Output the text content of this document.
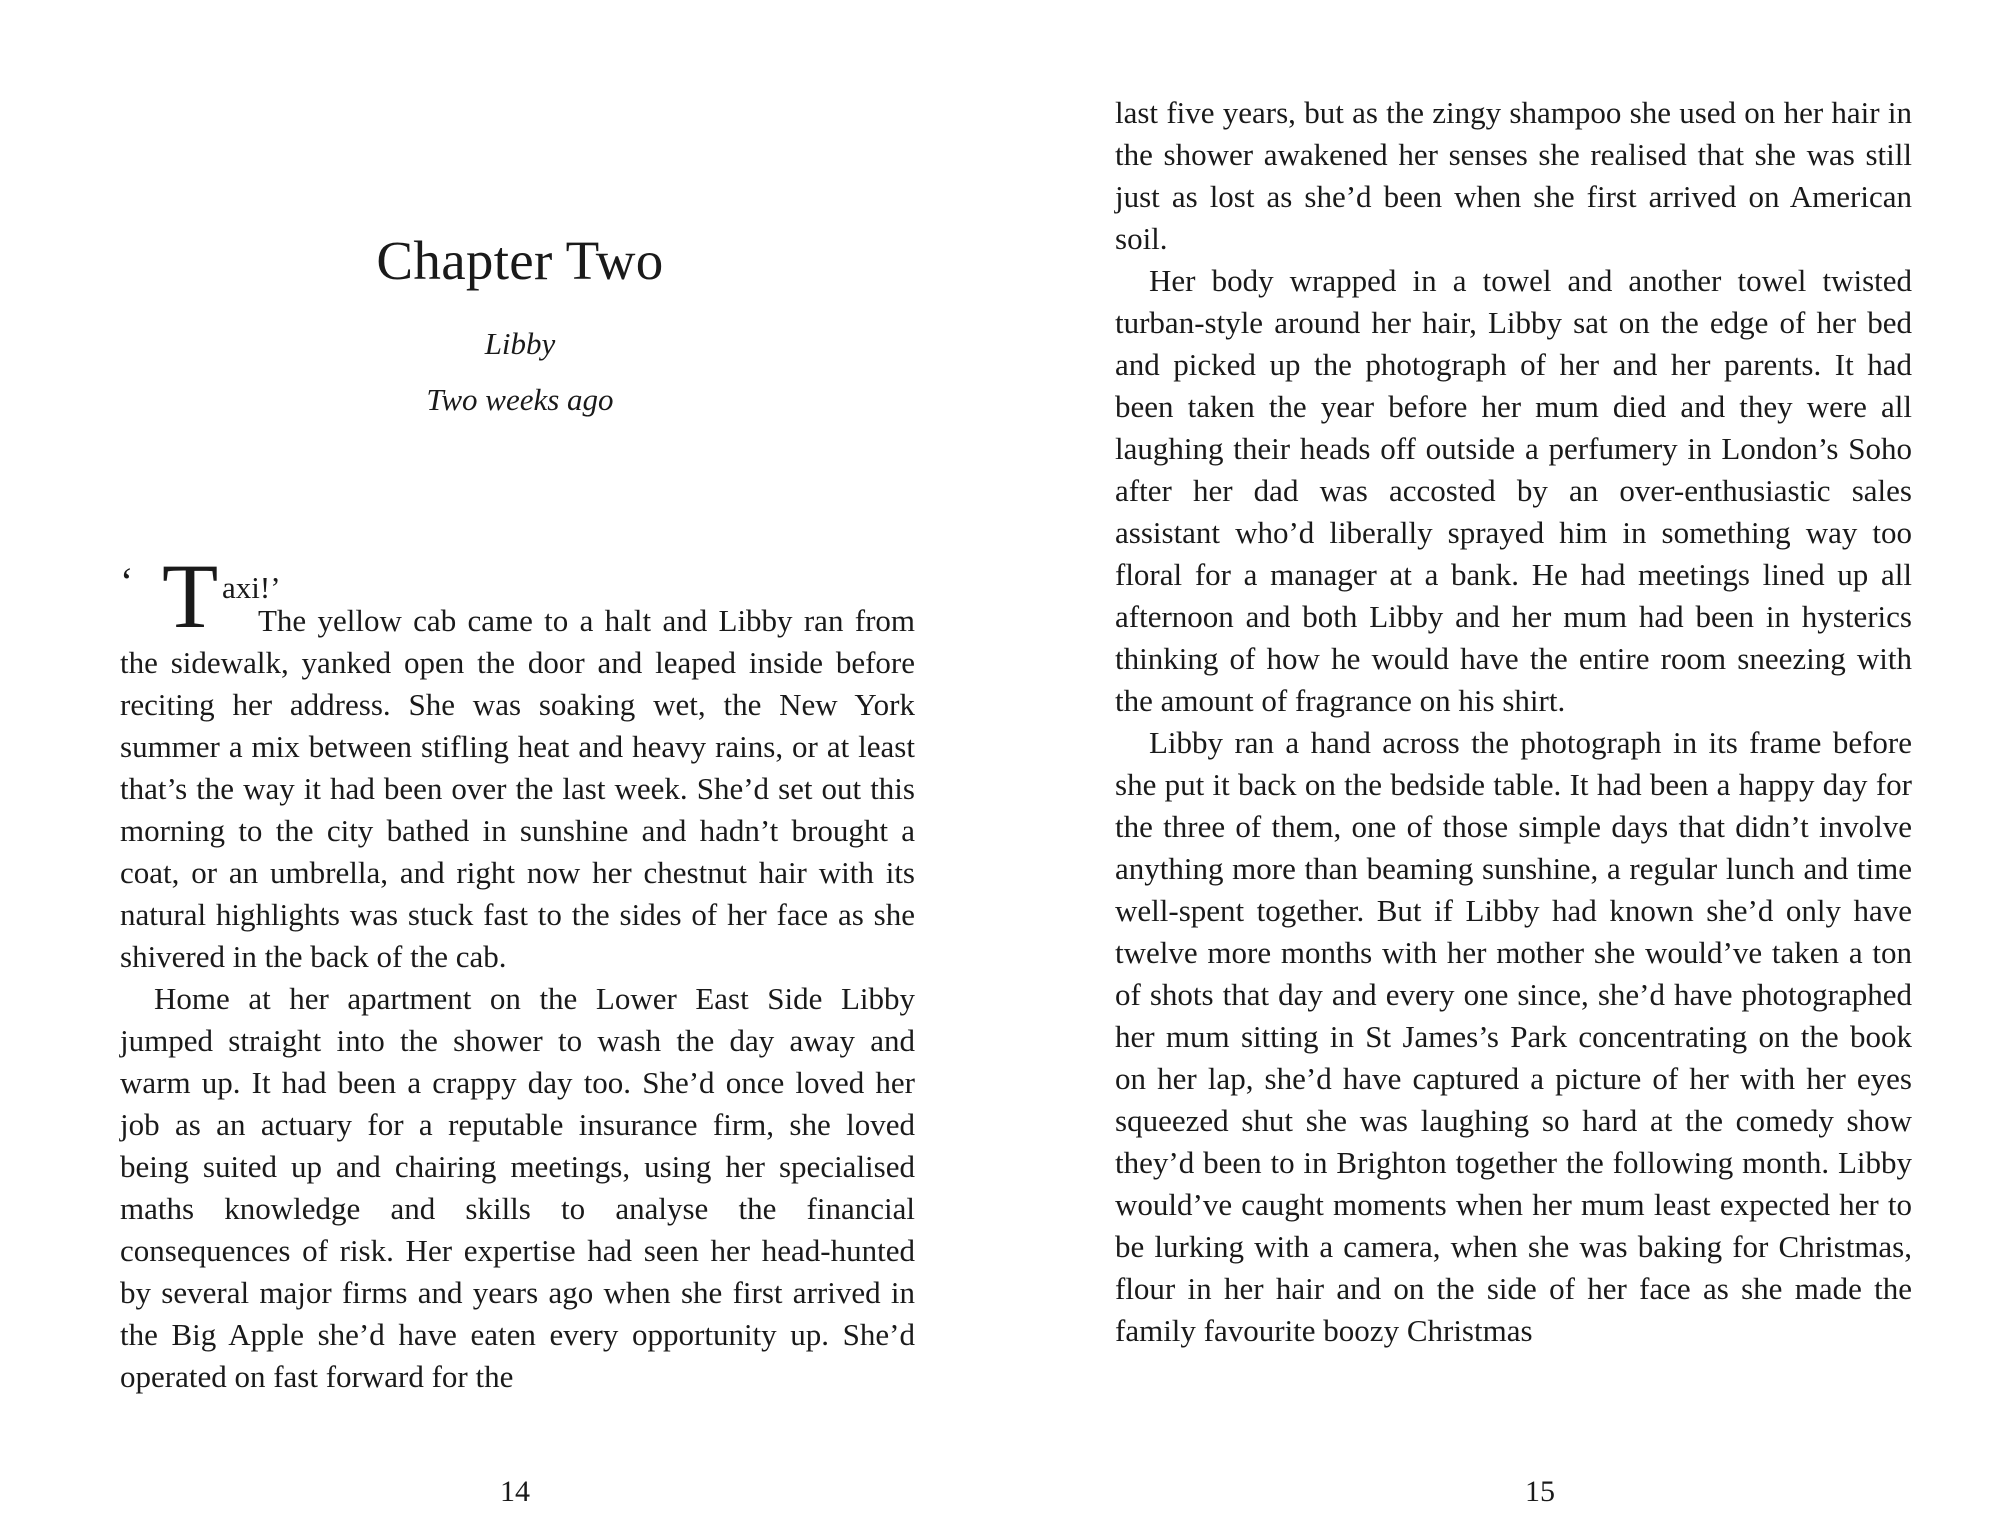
Chapter Two
Libby
Two weeks ago
‘ T axi!’

The yellow cab came to a halt and Libby ran from the sidewalk, yanked open the door and leaped inside before reciting her address. She was soaking wet, the New York summer a mix between stifling heat and heavy rains, or at least that’s the way it had been over the last week. She’d set out this morning to the city bathed in sunshine and hadn’t brought a coat, or an umbrella, and right now her chestnut hair with its natural highlights was stuck fast to the sides of her face as she shivered in the back of the cab.

Home at her apartment on the Lower East Side Libby jumped straight into the shower to wash the day away and warm up. It had been a crappy day too. She’d once loved her job as an actuary for a reputable insurance firm, she loved being suited up and chairing meetings, using her specialised maths knowledge and skills to analyse the financial consequences of risk. Her expertise had seen her head-hunted by several major firms and years ago when she first arrived in the Big Apple she’d have eaten every opportunity up. She’d operated on fast forward for the

14

last five years, but as the zingy shampoo she used on her hair in the shower awakened her senses she realised that she was still just as lost as she’d been when she first arrived on American soil.

Her body wrapped in a towel and another towel twisted turban-style around her hair, Libby sat on the edge of her bed and picked up the photograph of her and her parents. It had been taken the year before her mum died and they were all laughing their heads off outside a perfumery in London’s Soho after her dad was accosted by an over-enthusiastic sales assistant who’d liberally sprayed him in something way too floral for a manager at a bank. He had meetings lined up all afternoon and both Libby and her mum had been in hysterics thinking of how he would have the entire room sneezing with the amount of fragrance on his shirt.

Libby ran a hand across the photograph in its frame before she put it back on the bedside table. It had been a happy day for the three of them, one of those simple days that didn’t involve anything more than beaming sunshine, a regular lunch and time well-spent together. But if Libby had known she’d only have twelve more months with her mother she would’ve taken a ton of shots that day and every one since, she’d have photographed her mum sitting in St James’s Park concentrating on the book on her lap, she’d have captured a picture of her with her eyes squeezed shut she was laughing so hard at the comedy show they’d been to in Brighton together the following month. Libby would’ve caught moments when her mum least expected her to be lurking with a camera, when she was baking for Christmas, flour in her hair and on the side of her face as she made the family favourite boozy Christmas

15
